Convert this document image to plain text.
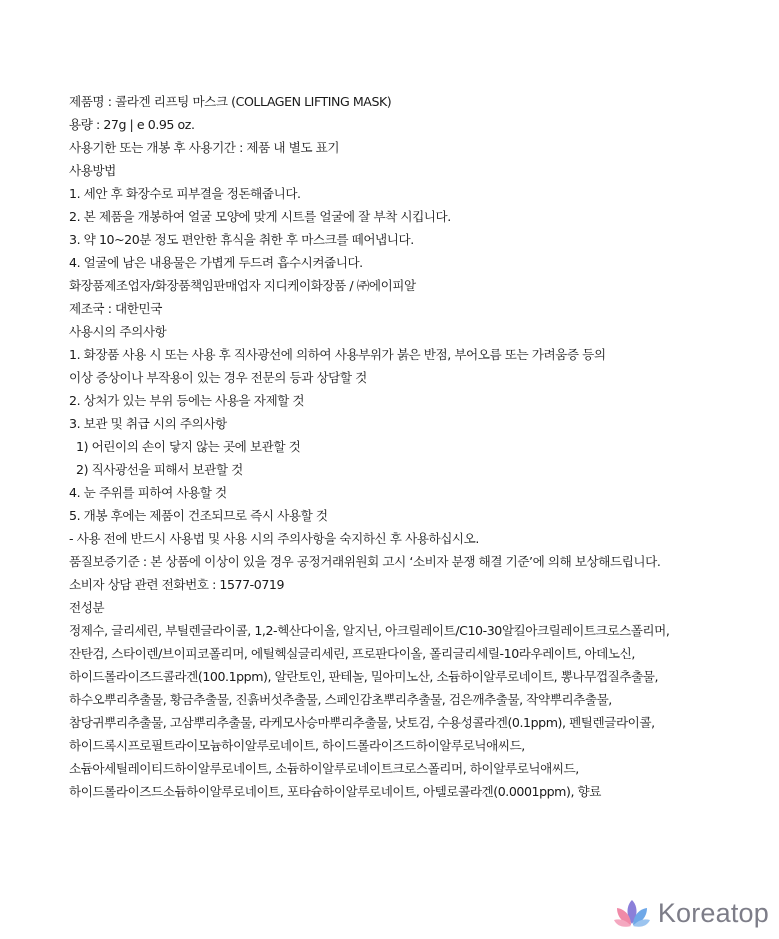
제품명 : 콜라겐 리프팅 마스크 (COLLAGEN LIFTING MASK)
용량 : 27g | e 0.95 oz.
사용기한 또는 개봉 후 사용기간 : 제품 내 별도 표기
사용방법
1. 세안 후 화장수로 피부결을 정돈해줍니다.
2. 본 제품을 개봉하여 얼굴 모양에 맞게 시트를 얼굴에 잘 부착 시킵니다.
3. 약 10~20분 정도 편안한 휴식을 취한 후 마스크를 떼어냅니다.
4. 얼굴에 남은 내용물은 가볍게 두드려 흡수시켜줍니다.
화장품제조업자/화장품책임판매업자 지디케이화장품 / ㈜에이피알
제조국 : 대한민국
사용시의 주의사항
1. 화장품 사용 시 또는 사용 후 직사광선에 의하여 사용부위가 붉은 반점, 부어오름 또는 가려움증 등의
이상 증상이나 부작용이 있는 경우 전문의 등과 상담할 것
2. 상처가 있는 부위 등에는 사용을 자제할 것
3. 보관 및 취급 시의 주의사항
1) 어린이의 손이 닿지 않는 곳에 보관할 것
2) 직사광선을 피해서 보관할 것
4. 눈 주위를 피하여 사용할 것
5. 개봉 후에는 제품이 건조되므로 즉시 사용할 것
- 사용 전에 반드시 사용법 및 사용 시의 주의사항을 숙지하신 후 사용하십시오.
품질보증기준 : 본 상품에 이상이 있을 경우 공정거래위원회 고시 ‘소비자 분쟁 해결 기준’에 의해 보상해드립니다.
소비자 상담 관련 전화번호 : 1577-0719
전성분
정제수, 글리세린, 부틸렌글라이콜, 1,2-헥산다이올, 알지닌, 아크릴레이트/C10-30알킬아크릴레이트크로스폴리머,
잔탄검, 스타이렌/브이피코폴리머, 에틸헥실글리세린, 프로판다이올, 폴리글리세릴-10라우레이트, 아데노신,
하이드롤라이즈드콜라겐(100.1ppm), 알란토인, 판테놀, 밀아미노산, 소듐하이알루로네이트, 뽕나무껍질추출물,
하수오뿌리추출물, 황금추출물, 진흙버섯추출물, 스페인감초뿌리추출물, 검은깨추출물, 작약뿌리추출물,
참당귀뿌리추출물, 고삼뿌리추출물, 라케모사승마뿌리추출물, 낫토검, 수용성콜라겐(0.1ppm), 펜틸렌글라이콜,
하이드록시프로필트라이모늄하이알루로네이트, 하이드롤라이즈드하이알루로닉애씨드,
소듐아세틸레이티드하이알루로네이트, 소듐하이알루로네이트크로스폴리머, 하이알루로닉애씨드,
하이드롤라이즈드소듐하이알루로네이트, 포타슘하이알루로네이트, 아텔로콜라겐(0.0001ppm), 향료
Koreatop
